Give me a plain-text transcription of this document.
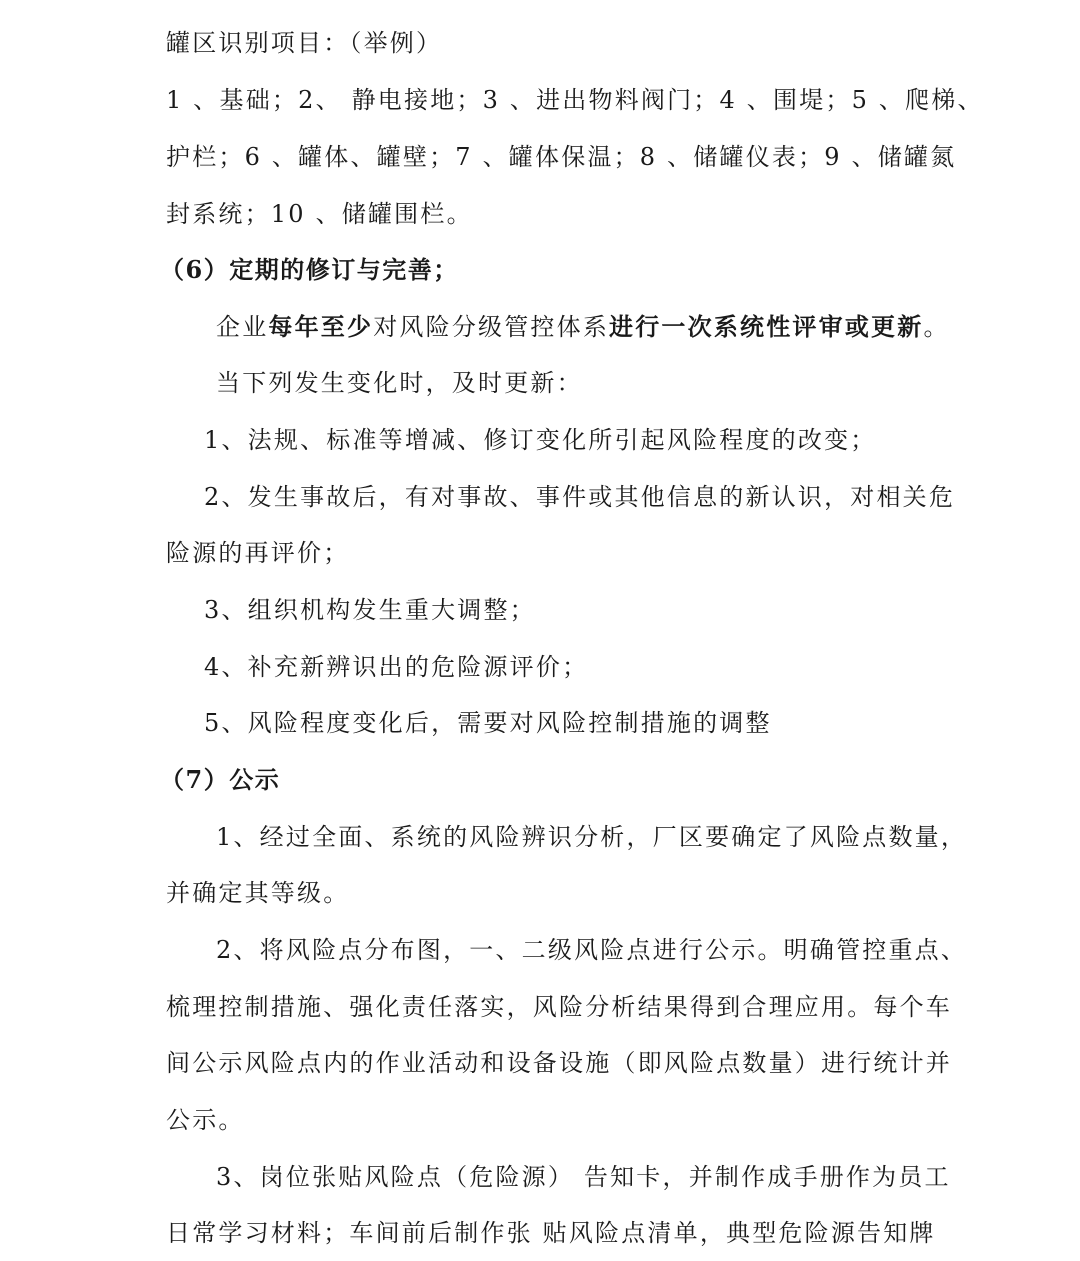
罐区识别项目：（举例）
1 、基础；2、 静电接地；3 、进出物料阀门；4 、围堤；5 、爬梯、
护栏；6 、罐体、罐壁；7 、罐体保温；8 、储罐仪表；9 、储罐氮
封系统；10 、储罐围栏。
（6）定期的修订与完善；
企业每年至少对风险分级管控体系进行一次系统性评审或更新。
当下列发生变化时，及时更新：
1、法规、标准等增减、修订变化所引起风险程度的改变；
2、发生事故后，有对事故、事件或其他信息的新认识，对相关危
险源的再评价；
3、组织机构发生重大调整；
4、补充新辨识出的危险源评价；
5、风险程度变化后，需要对风险控制措施的调整
（7）公示
1、经过全面、系统的风险辨识分析，厂区要确定了风险点数量，
并确定其等级。
2、将风险点分布图，一、二级风险点进行公示。明确管控重点、
梳理控制措施、强化责任落实，风险分析结果得到合理应用。每个车
间公示风险点内的作业活动和设备设施（即风险点数量）进行统计并
公示。
3、岗位张贴风险点（危险源） 告知卡，并制作成手册作为员工
日常学习材料；车间前后制作张 贴风险点清单，典型危险源告知牌
